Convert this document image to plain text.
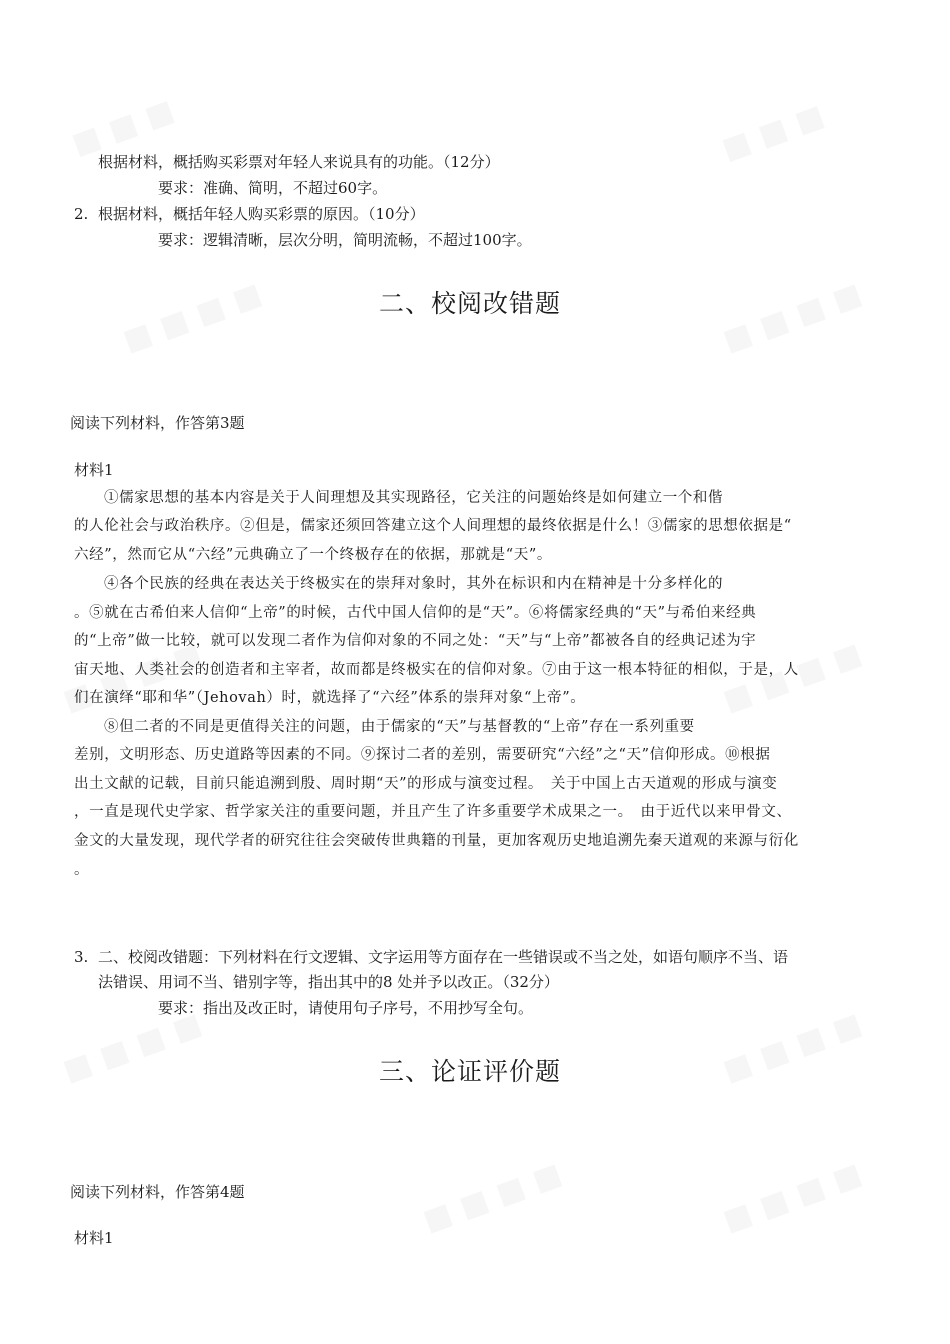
根据材料，概括购买彩票对年轻人来说具有的功能。（12分）
要求：准确、简明，不超过60字。
2. 根据材料，概括年轻人购买彩票的原因。（10分）
要求：逻辑清晰，层次分明，简明流畅，不超过100字。
二、校阅改错题
阅读下列材料，作答第3题
材料1
①儒家思想的基本内容是关于人间理想及其实现路径，它关注的问题始终是如何建立一个和偕
的人伦社会与政治秩序。②但是，儒家还须回答建立这个人间理想的最终依据是什么！③儒家的思想依据是“
六经”，然而它从“六经”元典确立了一个终极存在的依据，那就是“天”。
④各个民族的经典在表达关于终极实在的崇拜对象时，其外在标识和内在精神是十分多样化的
。⑤就在古希伯来人信仰“上帝”的时候，古代中国人信仰的是“天”。⑥将儒家经典的“天”与希伯来经典
的“上帝”做一比较，就可以发现二者作为信仰对象的不同之处：“天”与“上帝”都被各自的经典记述为宇
宙天地、人类社会的创造者和主宰者，故而都是终极实在的信仰对象。⑦由于这一根本特征的相似，于是，人
们在演绎“耶和华”（Jehovah）时，就选择了“六经”体系的崇拜对象“上帝”。
⑧但二者的不同是更值得关注的问题，由于儒家的“天”与基督教的“上帝”存在一系列重要
差别，文明形态、历史道路等因素的不同。⑨探讨二者的差别，需要研究“六经”之“天”信仰形成。⑩根据
出土文献的记载，目前只能追溯到殷、周时期“天”的形成与演变过程。　关于中国上古天道观的形成与演变
，一直是现代史学家、哲学家关注的重要问题，并且产生了许多重要学术成果之一。　由于近代以来甲骨文、
金文的大量发现，现代学者的研究往往会突破传世典籍的刊量，更加客观历史地追溯先秦天道观的来源与衍化
。
3. 二、校阅改错题：下列材料在行文逻辑、文字运用等方面存在一些错误或不当之处，如语句顺序不当、语
法错误、用词不当、错别字等，指出其中的8 处并予以改正。（32分）
要求：指出及改正时，请使用句子序号，不用抄写全句。
三、论证评价题
阅读下列材料，作答第4题
材料1
